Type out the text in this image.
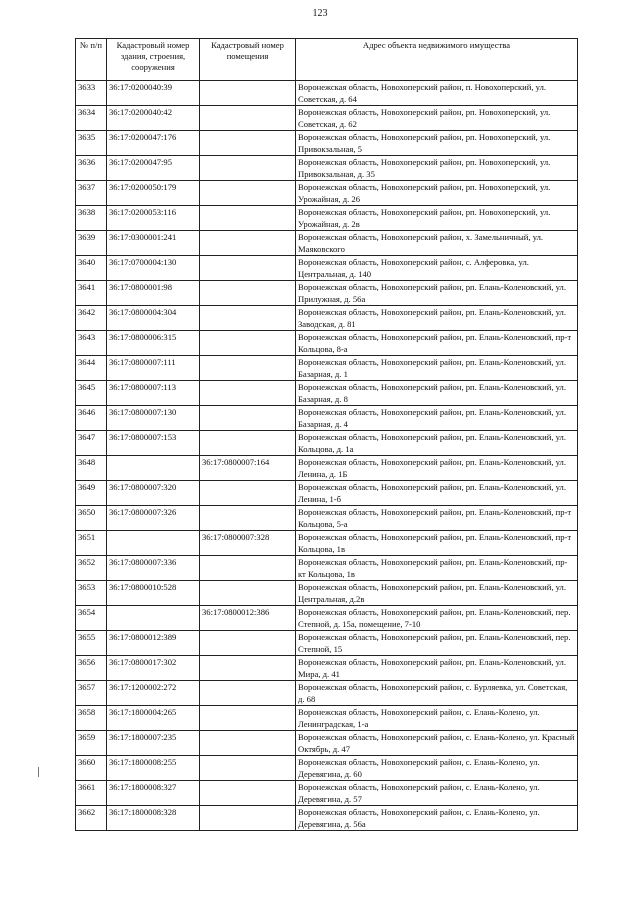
123
№ п/п	Кадастровый номер здания, строения, сооружения	Кадастровый номер помещения	Адрес объекта недвижимого имущества
3633	36:17:0200040:39		Воронежская область, Новохоперский район, п. Новохоперский, ул. Советская, д. 64
3634	36:17:0200040:42		Воронежская область, Новохоперский район, рп. Новохоперский, ул. Советская, д. 62
3635	36:17:0200047:176		Воронежская область, Новохоперский район, рп. Новохоперский, ул. Привокзальная, 5
3636	36:17:0200047:95		Воронежская область, Новохоперский район, рп. Новохоперский, ул. Привокзальная, д. 35
3637	36:17:0200050:179		Воронежская область, Новохоперский район, рп. Новохоперский, ул. Урожайная, д. 26
3638	36:17:0200053:116		Воронежская область, Новохоперский район, рп. Новохоперский, ул. Урожайная, д. 2в
3639	36:17:0300001:241		Воронежская область, Новохоперский район, х. Замельничный, ул. Маяковского
3640	36:17:0700004:130		Воронежская область, Новохоперский район, с. Алферовка, ул. Центральная, д. 140
3641	36:17:0800001:98		Воронежская область, Новохоперский район, рп. Елань-Коленовский, ул. Прилужная, д. 56а
3642	36:17:0800004:304		Воронежская область, Новохоперский район, рп. Елань-Коленовский, ул. Заводская, д. 81
3643	36:17:0800006:315		Воронежская область, Новохоперский район, рп. Елань-Коленовский, пр-т Кольцова, 8-а
3644	36:17:0800007:111		Воронежская область, Новохоперский район, рп. Елань-Коленовский, ул. Базарная, д. 1
3645	36:17:0800007:113		Воронежская область, Новохоперский район, рп. Елань-Коленовский, ул. Базарная, д. 8
3646	36:17:0800007:130		Воронежская область, Новохоперский район, рп. Елань-Коленовский, ул. Базарная, д. 4
3647	36:17:0800007:153		Воронежская область, Новохоперский район, рп. Елань-Коленовский, ул. Кольцова, д. 1а
3648		36:17:0800007:164	Воронежская область, Новохоперский район, рп. Елань-Коленовский, ул. Ленина, д. 1Б
3649	36:17:0800007:320		Воронежская область, Новохоперский район, рп. Елань-Коленовский, ул. Ленина, 1-б
3650	36:17:0800007:326		Воронежская область, Новохоперский район, рп. Елань-Коленовский, пр-т Кольцова, 5-а
3651		36:17:0800007:328	Воронежская область, Новохоперский район, рп. Елань-Коленовский, пр-т Кольцова, 1в
3652	36:17:0800007:336		Воронежская область, Новохоперский район, рп. Елань-Коленовский, пр-кт Кольцова, 1в
3653	36:17:0800010:528		Воронежская область, Новохоперский район, рп. Елань-Коленовский, ул. Центральная, д.2в
3654		36:17:0800012:386	Воронежская область, Новохоперский район, рп. Елань-Коленовский, пер. Степной, д. 15а, помещение, 7-10
3655	36:17:0800012:389		Воронежская область, Новохоперский район, рп. Елань-Коленовский, пер. Степной, 15
3656	36:17:0800017:302		Воронежская область, Новохоперский район, рп. Елань-Коленовский, ул. Мира, д. 41
3657	36:17:1200002:272		Воронежская область, Новохоперский район, с. Бурляевка, ул. Советская, д. 68
3658	36:17:1800004:265		Воронежская область, Новохоперский район, с. Елань-Колено, ул. Ленинградская, 1-а
3659	36:17:1800007:235		Воронежская область, Новохоперский район, с. Елань-Колено, ул. Красный Октябрь, д. 47
3660	36:17:1800008:255		Воронежская область, Новохоперский район, с. Елань-Колено, ул. Деревягина, д. 60
3661	36:17:1800008:327		Воронежская область, Новохоперский район, с. Елань-Колено, ул. Деревягина, д. 57
3662	36:17:1800008:328		Воронежская область, Новохоперский район, с. Елань-Колено, ул. Деревягина, д. 56а
